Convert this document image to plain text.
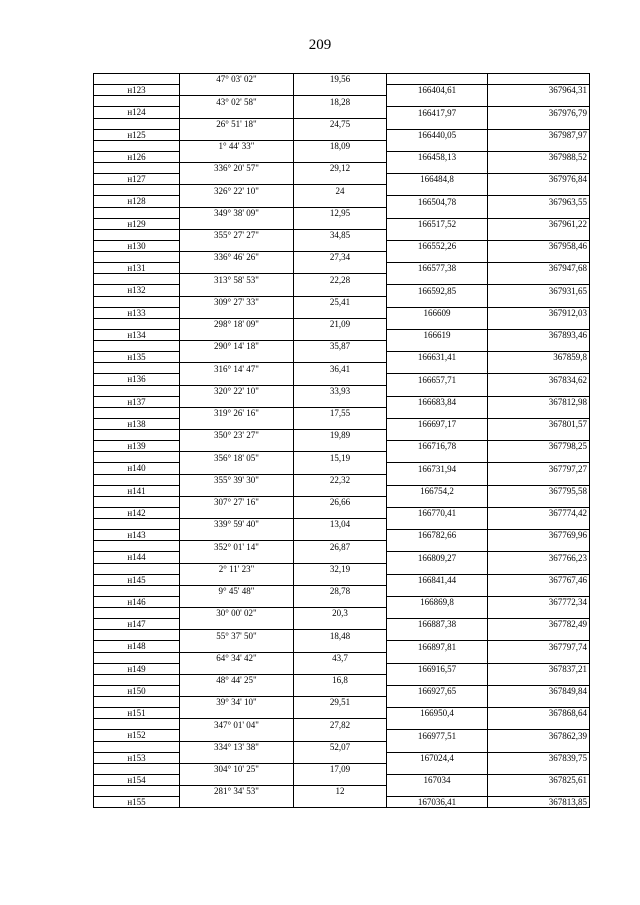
209
	47° 03' 02"	19,56		
н123			166404,61	367964,31
	43° 02' 58"	18,28		
н124			166417,97	367976,79
	26° 51' 18"	24,75		
н125			166440,05	367987,97
	1° 44' 33"	18,09		
н126			166458,13	367988,52
	336° 20' 57"	29,12		
н127			166484,8	367976,84
	326° 22' 10"	24		
н128			166504,78	367963,55
	349° 38' 09"	12,95		
н129			166517,52	367961,22
	355° 27' 27"	34,85		
н130			166552,26	367958,46
	336° 46' 26"	27,34		
н131			166577,38	367947,68
	313° 58' 53"	22,28		
н132			166592,85	367931,65
	309° 27' 33"	25,41		
н133			166609	367912,03
	298° 18' 09"	21,09		
н134			166619	367893,46
	290° 14' 18"	35,87		
н135			166631,41	367859,8
	316° 14' 47"	36,41		
н136			166657,71	367834,62
	320° 22' 10"	33,93		
н137			166683,84	367812,98
	319° 26' 16"	17,55		
н138			166697,17	367801,57
	350° 23' 27"	19,89		
н139			166716,78	367798,25
	356° 18' 05"	15,19		
н140			166731,94	367797,27
	355° 39' 30"	22,32		
н141			166754,2	367795,58
	307° 27' 16"	26,66		
н142			166770,41	367774,42
	339° 59' 40"	13,04		
н143			166782,66	367769,96
	352° 01' 14"	26,87		
н144			166809,27	367766,23
	2° 11' 23"	32,19		
н145			166841,44	367767,46
	9° 45' 48"	28,78		
н146			166869,8	367772,34
	30° 00' 02"	20,3		
н147			166887,38	367782,49
	55° 37' 50"	18,48		
н148			166897,81	367797,74
	64° 34' 42"	43,7		
н149			166916,57	367837,21
	48° 44' 25"	16,8		
н150			166927,65	367849,84
	39° 34' 10"	29,51		
н151			166950,4	367868,64
	347° 01' 04"	27,82		
н152			166977,51	367862,39
	334° 13' 38"	52,07		
н153			167024,4	367839,75
	304° 10' 25"	17,09		
н154			167034	367825,61
	281° 34' 53"	12		
н155			167036,41	367813,85
